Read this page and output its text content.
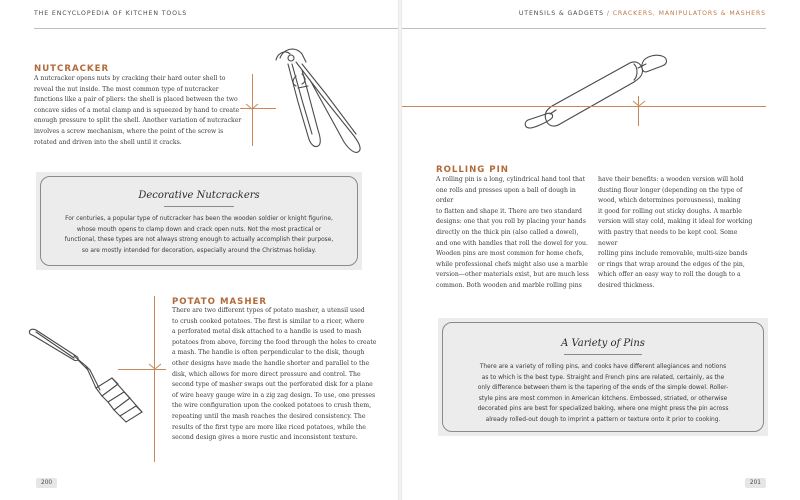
THE ENCYCLOPEDIA OF KITCHEN TOOLS
NUTCRACKER
A nutcracker opens nuts by cracking their hard outer shell to
reveal the nut inside. The most common type of nutcracker
functions like a pair of pliers: the shell is placed between the two
concave sides of a metal clamp and is squeezed by hand to create
enough pressure to split the shell. Another variation of nutcracker
involves a screw mechanism, where the point of the screw is
rotated and driven into the shell until it cracks.
Decorative Nutcrackers
For centuries, a popular type of nutcracker has been the wooden soldier or knight figurine,
whose mouth opens to clamp down and crack open nuts. Not the most practical or
functional, these types are not always strong enough to actually accomplish their purpose,
so are mostly intended for decoration, especially around the Christmas holiday.
POTATO MASHER
There are two different types of potato masher, a utensil used
to crush cooked potatoes. The first is similar to a ricer, where
a perforated metal disk attached to a handle is used to mash
potatoes from above, forcing the food through the holes to create
a mash. The handle is often perpendicular to the disk, though
other designs have made the handle shorter and parallel to the
disk, which allows for more direct pressure and control. The
second type of masher swaps out the perforated disk for a plane
of wire heavy gauge wire in a zig zag design. To use, one presses
the wire configuration upon the cooked potatoes to crush them,
repeating until the mash reaches the desired consistency. The
results of the first type are more like riced potatoes, while the
second design gives a more rustic and inconsistent texture.
200
UTENSILS & GADGETS / CRACKERS, MANIPULATORS & MASHERS
ROLLING PIN
A rolling pin is a long, cylindrical hand tool that
one rolls and presses upon a ball of dough in order
to flatten and shape it. There are two standard
designs: one that you roll by placing your hands
directly on the thick pin (also called a dowel),
and one with handles that roll the dowel for you.
Wooden pins are most common for home chefs,
while professional chefs might also use a marble
version—other materials exist, but are much less
common. Both wooden and marble rolling pins
have their benefits: a wooden version will hold
dusting flour longer (depending on the type of
wood, which determines porousness), making
it good for rolling out sticky doughs. A marble
version will stay cold, making it ideal for working
with pastry that needs to be kept cool. Some newer
rolling pins include removable, multi-size bands
or rings that wrap around the edges of the pin,
which offer an easy way to roll the dough to a
desired thickness.
A Variety of Pins
There are a variety of rolling pins, and cooks have different allegiances and notions
as to which is the best type. Straight and French pins are related, certainly, as the
only difference between them is the tapering of the ends of the simple dowel. Roller-
style pins are most common in American kitchens. Embossed, striated, or otherwise
decorated pins are best for specialized baking, where one might press the pin across
already rolled-out dough to imprint a pattern or texture onto it prior to cooking.
201
